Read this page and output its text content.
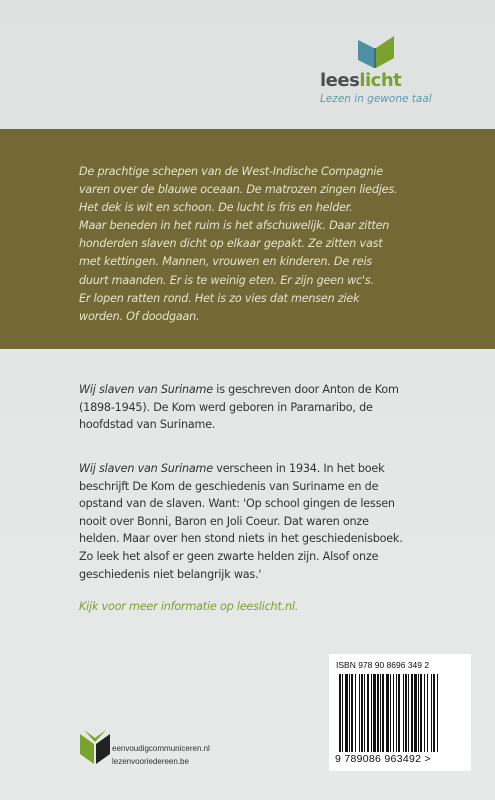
leeslicht
Lezen in gewone taal

De prachtige schepen van de West-Indische Compagnie

varen over de blauwe oceaan. De matrozen zingen liedjes.

Het dek is wit en schoon. De lucht is fris en helder.

Maar beneden in het ruim is het afschuwelijk. Daar zitten

honderden slaven dicht op elkaar gepakt. Ze zitten vast

met kettingen. Mannen, vrouwen en kinderen. De reis

duurt maanden. Er is te weinig eten. Er zijn geen wc's.

Er lopen ratten rond. Het is zo vies dat mensen ziek

worden. Of doodgaan.

Wij slaven van Suriname is geschreven door Anton de Kom

(1898-1945). De Kom werd geboren in Paramaribo, de

hoofdstad van Suriname.

Wij slaven van Suriname verscheen in 1934. In het boek

beschrijft De Kom de geschiedenis van Suriname en de

opstand van de slaven. Want: 'Op school gingen de lessen

nooit over Bonni, Baron en Joli Coeur. Dat waren onze

helden. Maar over hen stond niets in het geschiedenisboek.

Zo leek het alsof er geen zwarte helden zijn. Alsof onze

geschiedenis niet belangrijk was.'

Kijk voor meer informatie op leeslicht.nl.
ISBN 978 90 8696 349 2
9 789086 963492 >
eenvoudigcommuniceren.nl
lezenvooriedereen.be
